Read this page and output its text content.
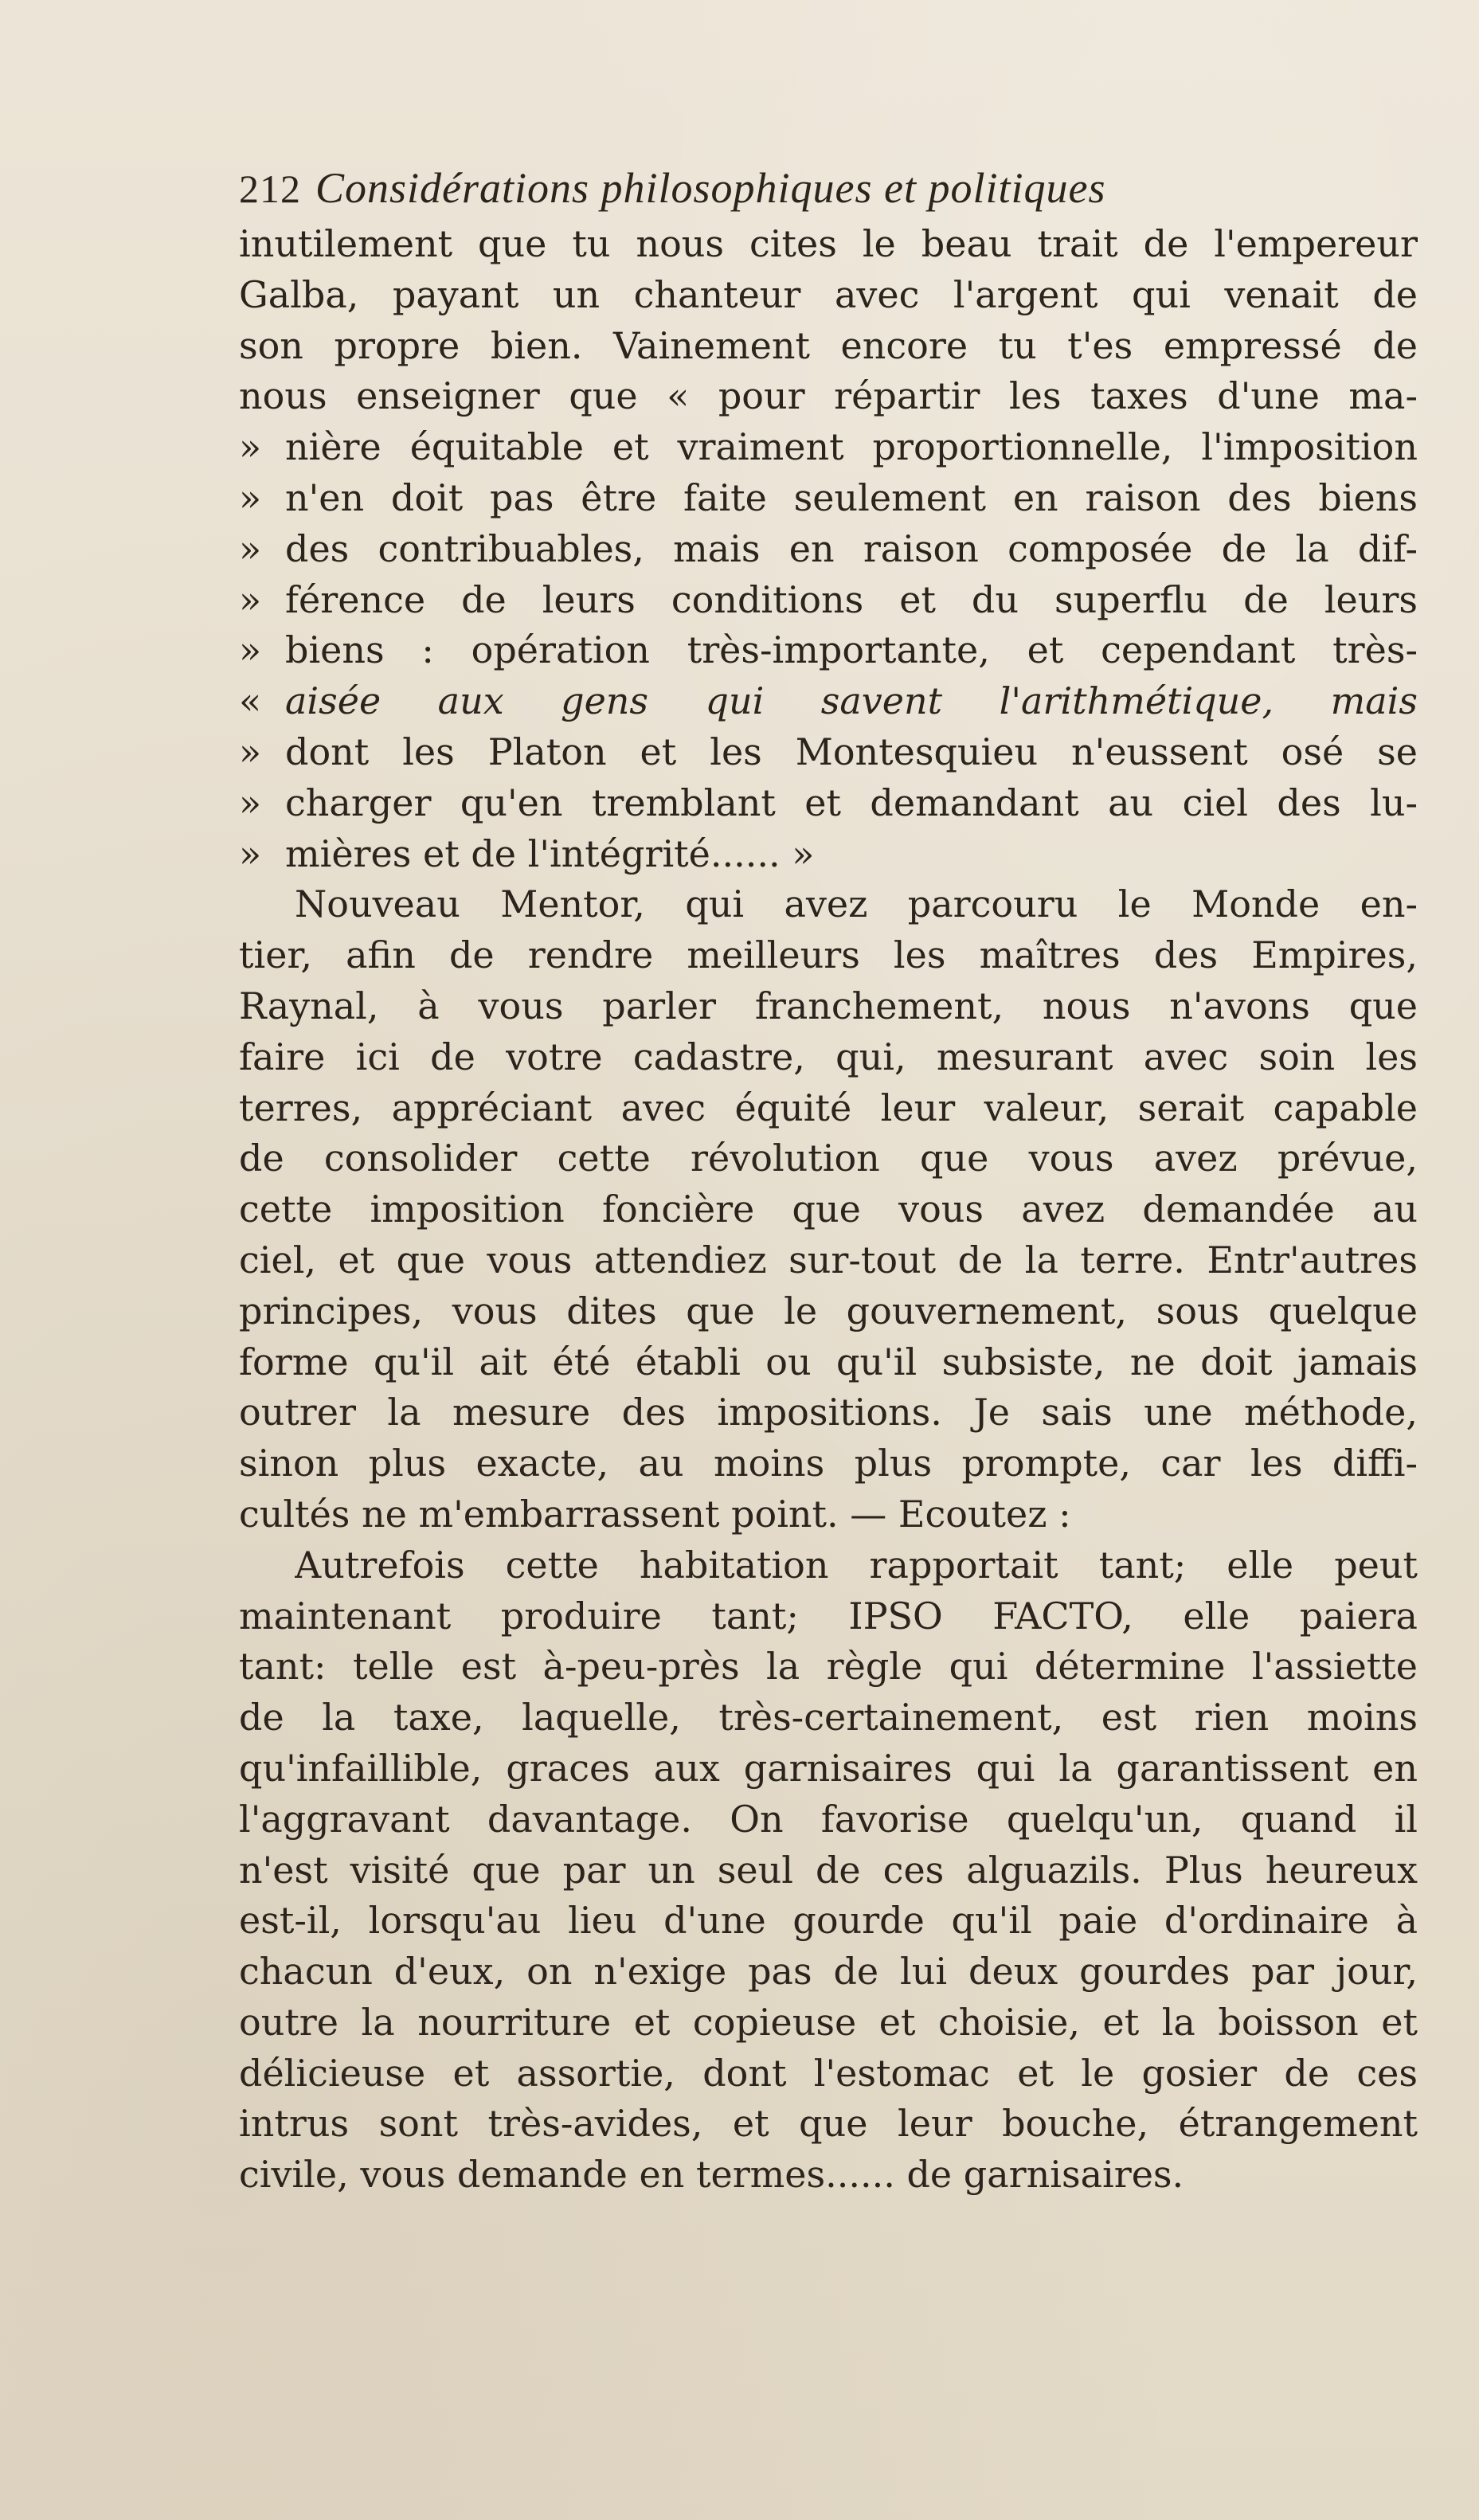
212 Considérations philosophiques et politiques
inutilement que tu nous cites le beau trait de l'empereur
Galba, payant un chanteur avec l'argent qui venait de
son propre bien. Vainement encore tu t'es empressé de
nous enseigner que « pour répartir les taxes d'une ma-
» nière équitable et vraiment proportionnelle, l'imposition
» n'en doit pas être faite seulement en raison des biens
» des contribuables, mais en raison composée de la dif-
» férence de leurs conditions et du superflu de leurs
» biens : opération très-importante, et cependant très-
« aisée aux gens qui savent l'arithmétique, mais
» dont les Platon et les Montesquieu n'eussent osé se
» charger qu'en tremblant et demandant au ciel des lu-
» mières et de l'intégrité...... »
Nouveau Mentor, qui avez parcouru le Monde en-
tier, afin de rendre meilleurs les maîtres des Empires,
Raynal, à vous parler franchement, nous n'avons que
faire ici de votre cadastre, qui, mesurant avec soin les
terres, appréciant avec équité leur valeur, serait capable
de consolider cette révolution que vous avez prévue,
cette imposition foncière que vous avez demandée au
ciel, et que vous attendiez sur-tout de la terre. Entr'autres
principes, vous dites que le gouvernement, sous quelque
forme qu'il ait été établi ou qu'il subsiste, ne doit jamais
outrer la mesure des impositions. Je sais une méthode,
sinon plus exacte, au moins plus prompte, car les diffi-
cultés ne m'embarrassent point. — Ecoutez :
Autrefois cette habitation rapportait tant; elle peut
maintenant produire tant; IPSO FACTO, elle paiera
tant: telle est à-peu-près la règle qui détermine l'assiette
de la taxe, laquelle, très-certainement, est rien moins
qu'infaillible, graces aux garnisaires qui la garantissent en
l'aggravant davantage. On favorise quelqu'un, quand il
n'est visité que par un seul de ces alguazils. Plus heureux
est-il, lorsqu'au lieu d'une gourde qu'il paie d'ordinaire à
chacun d'eux, on n'exige pas de lui deux gourdes par jour,
outre la nourriture et copieuse et choisie, et la boisson et
délicieuse et assortie, dont l'estomac et le gosier de ces
intrus sont très-avides, et que leur bouche, étrangement
civile, vous demande en termes...... de garnisaires.
